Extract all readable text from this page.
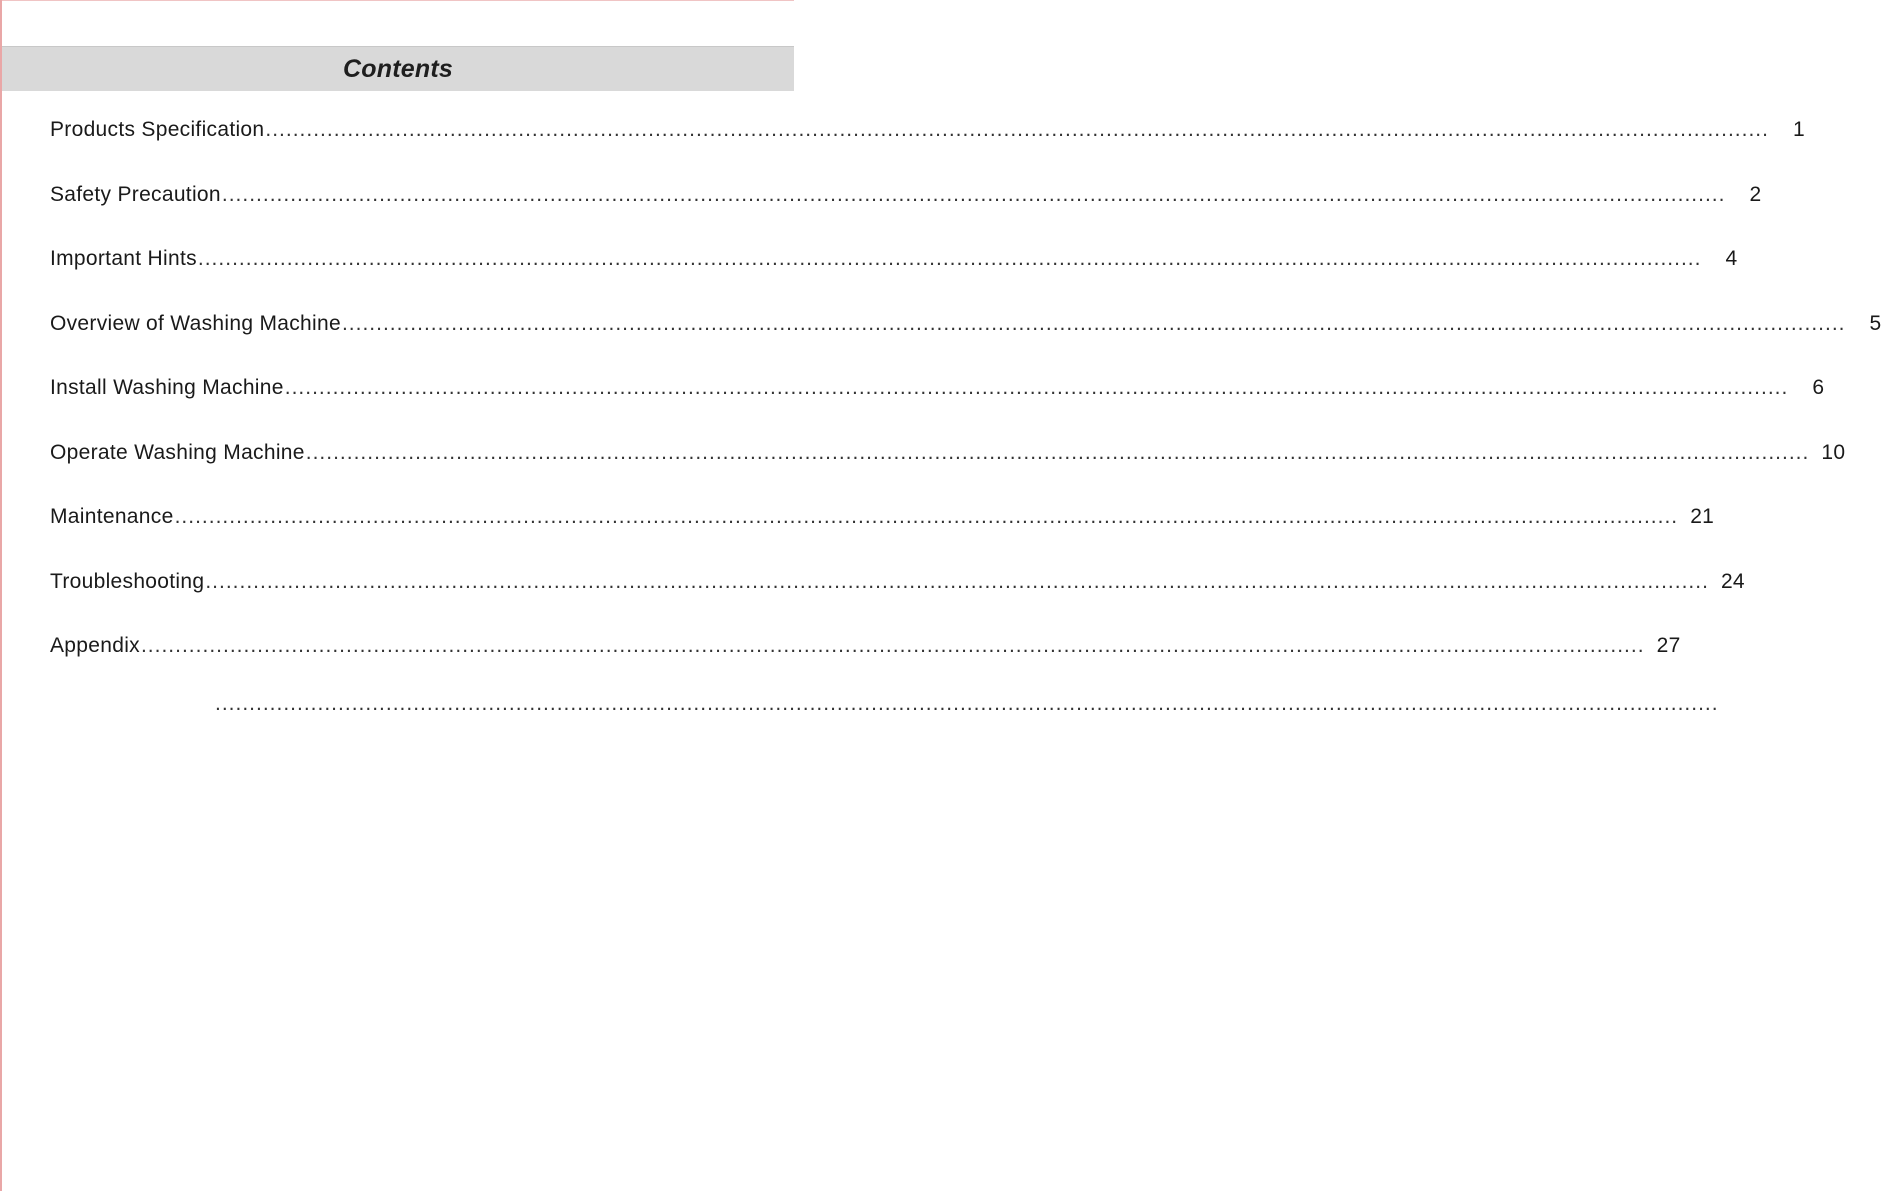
Contents
Products Specification ............................................................................................................................................................................................................................	1
Safety Precaution ............................................................................................................................................................................................................................	2
Important Hints ............................................................................................................................................................................................................................	4
Overview of Washing Machine ............................................................................................................................................................................................................................	5
Install Washing Machine ............................................................................................................................................................................................................................	6
Operate Washing Machine ............................................................................................................................................................................................................................ 10
Maintenance ............................................................................................................................................................................................................................ 21
Troubleshooting ............................................................................................................................................................................................................................ 24
Appendix ............................................................................................................................................................................................................................ 27
............................................................................................................................................................................................................................
